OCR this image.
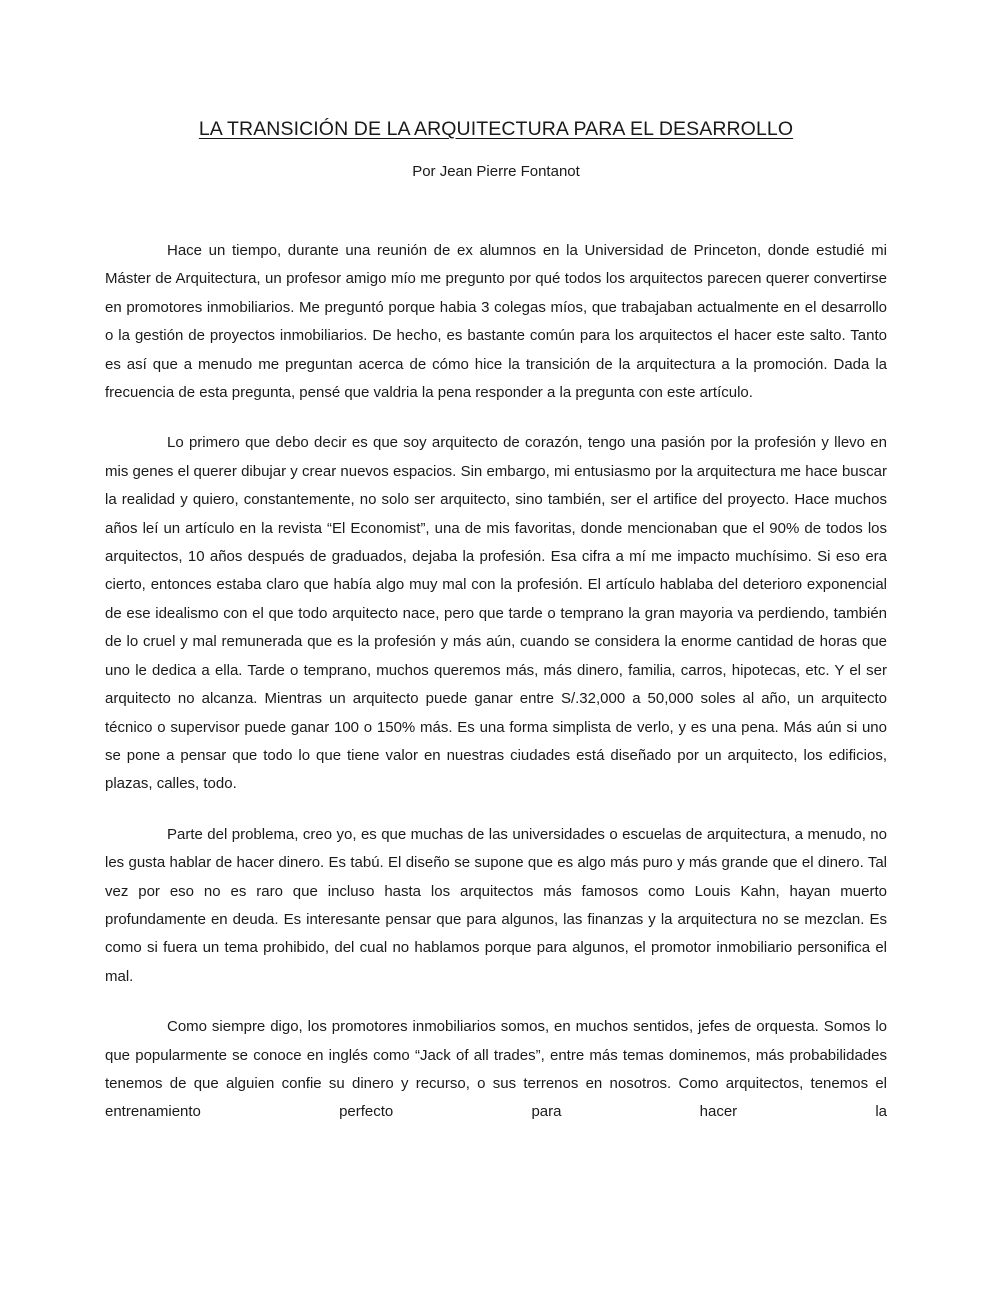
LA TRANSICIÓN DE LA ARQUITECTURA PARA EL DESARROLLO

Por Jean Pierre Fontanot

Hace un tiempo, durante una reunión de ex alumnos en la Universidad de Princeton, donde estudié mi Máster de Arquitectura, un profesor amigo mío me pregunto por qué todos los arquitectos parecen querer convertirse en promotores inmobiliarios. Me preguntó porque habia 3 colegas míos, que trabajaban actualmente en el desarrollo o la gestión de proyectos inmobiliarios. De hecho, es bastante común para los arquitectos el hacer este salto. Tanto es así que a menudo me preguntan acerca de cómo hice la transición de la arquitectura a la promoción. Dada la frecuencia de esta pregunta, pensé que valdria la pena responder a la pregunta con este artículo.

Lo primero que debo decir es que soy arquitecto de corazón, tengo una pasión por la profesión y llevo en mis genes el querer dibujar y crear nuevos espacios. Sin embargo, mi entusiasmo por la arquitectura me hace buscar la realidad y quiero, constantemente, no solo ser arquitecto, sino también, ser el artifice del proyecto. Hace muchos años leí un artículo en la revista “El Economist”, una de mis favoritas, donde mencionaban que el 90% de todos los arquitectos, 10 años después de graduados, dejaba la profesión. Esa cifra a mí me impacto muchísimo. Si eso era cierto, entonces estaba claro que había algo muy mal con la profesión. El artículo hablaba del deterioro exponencial de ese idealismo con el que todo arquitecto nace, pero que tarde o temprano la gran mayoria va perdiendo, también de lo cruel y mal remunerada que es la profesión y más aún, cuando se considera la enorme cantidad de horas que uno le dedica a ella. Tarde o temprano, muchos queremos más, más dinero, familia, carros, hipotecas, etc. Y el ser arquitecto no alcanza. Mientras un arquitecto puede ganar entre S/.32,000 a 50,000 soles al año, un arquitecto técnico o supervisor puede ganar 100 o 150% más. Es una forma simplista de verlo, y es una pena. Más aún si uno se pone a pensar que todo lo que tiene valor en nuestras ciudades está diseñado por un arquitecto, los edificios, plazas, calles, todo.

Parte del problema, creo yo, es que muchas de las universidades o escuelas de arquitectura, a menudo, no les gusta hablar de hacer dinero. Es tabú. El diseño se supone que es algo más puro y más grande que el dinero. Tal vez por eso no es raro que incluso hasta los arquitectos más famosos como Louis Kahn, hayan muerto profundamente en deuda. Es interesante pensar que para algunos, las finanzas y la arquitectura no se mezclan. Es como si fuera un tema prohibido, del cual no hablamos porque para algunos, el promotor inmobiliario personifica el mal.

Como siempre digo, los promotores inmobiliarios somos, en muchos sentidos, jefes de orquesta. Somos lo que popularmente se conoce en inglés como “Jack of all trades”, entre más temas dominemos, más probabilidades tenemos de que alguien confie su dinero y recurso, o sus terrenos en nosotros. Como arquitectos, tenemos el entrenamiento perfecto para hacer la
